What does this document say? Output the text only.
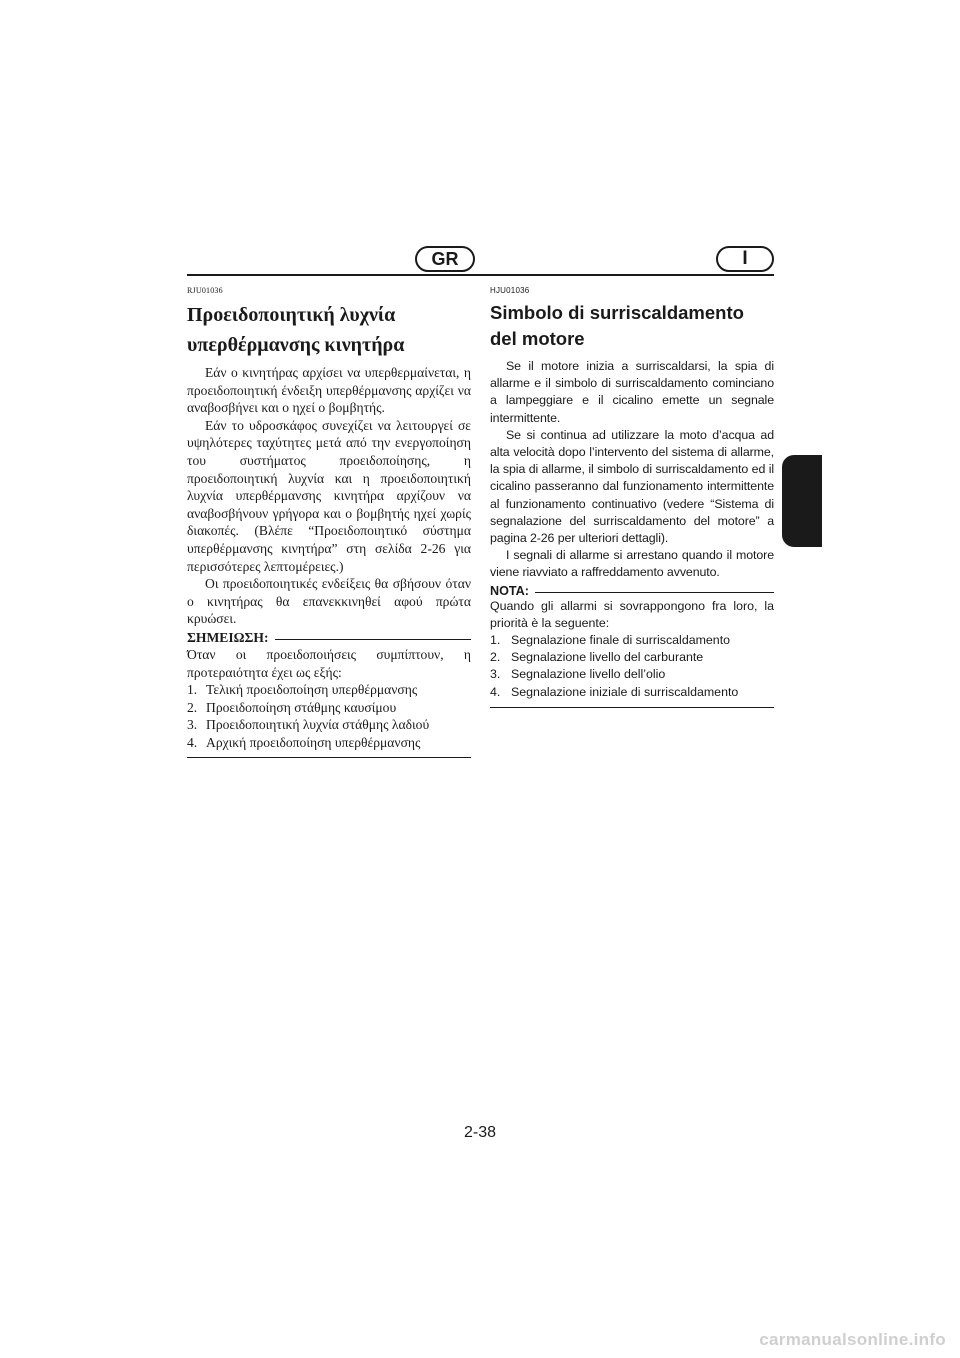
GR	I
RJU01036
Προειδοποιητική λυχνία υπερθέρμανσης κινητήρα

Εάν ο κινητήρας αρχίσει να υπερθερμαίνεται, η προειδοποιητική ένδειξη υπερθέρμανσης αρχίζει να αναβοσβήνει και ο ηχεί ο βομβητής.

Εάν το υδροσκάφος συνεχίζει να λειτουργεί σε υψηλότερες ταχύτητες μετά από την ενεργοποίηση του συστήματος προειδοποίησης, η προειδοποιητική λυχνία και η προειδοποιητική λυχνία υπερθέρμανσης κινητήρα αρχίζουν να αναβοσβήνουν γρήγορα και ο βομβητής ηχεί χωρίς διακοπές. (Βλέπε “Προειδοποιητικό σύστημα υπερθέρμανσης κινητήρα” στη σελίδα 2-26 για περισσότερες λεπτομέρειες.)

Οι προειδοποιητικές ενδείξεις θα σβήσουν όταν ο κινητήρας θα επανεκκινηθεί αφού πρώτα κρυώσει.

ΣΗΜΕΙΩΣΗ:
Όταν οι προειδοποιήσεις συμπίπτουν, η προτεραιότητα έχει ως εξής:
1. Τελική προειδοποίηση υπερθέρμανσης
2. Προειδοποίηση στάθμης καυσίμου
3. Προειδοποιητική λυχνία στάθμης λαδιού
4. Αρχική προειδοποίηση υπερθέρμανσης
HJU01036
Simbolo di surriscaldamento del motore

Se il motore inizia a surriscaldarsi, la spia di allarme e il simbolo di surriscaldamento cominciano a lampeggiare e il cicalino emette un segnale intermittente.

Se si continua ad utilizzare la moto d’acqua ad alta velocità dopo l’intervento del sistema di allarme, la spia di allarme, il simbolo di surriscaldamento ed il cicalino passeranno dal funzionamento intermittente al funzionamento continuativo (vedere “Sistema di segnalazione del surriscaldamento del motore” a pagina 2-26 per ulteriori dettagli).

I segnali di allarme si arrestano quando il motore viene riavviato a raffreddamento avvenuto.

NOTA:
Quando gli allarmi si sovrappongono fra loro, la priorità è la seguente:
1. Segnalazione finale di surriscaldamento
2. Segnalazione livello del carburante
3. Segnalazione livello dell’olio
4. Segnalazione iniziale di surriscaldamento
2-38
carmanualsonline.info
